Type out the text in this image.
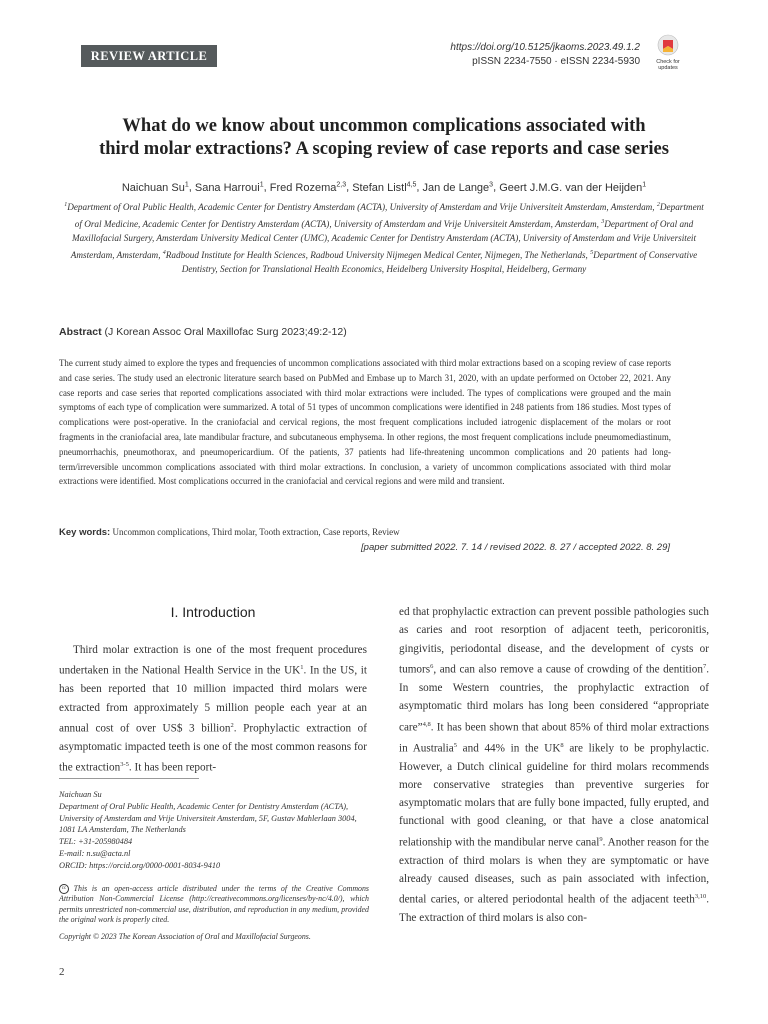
REVIEW ARTICLE
https://doi.org/10.5125/jkaoms.2023.49.1.2
pISSN 2234-7550 · eISSN 2234-5930	Check for
updates
What do we know about uncommon complications associated with
third molar extractions? A scoping review of case reports and case series
Naichuan Su$^1$, Sana Harroui$^1$, Fred Rozema$^{2,3}$, Stefan Listl$^{4,5}$, Jan de Lange$^3$, Geert J.M.G. van der Heijden$^1$
$^1$Department of Oral Public Health, Academic Center for Dentistry Amsterdam (ACTA), University of Amsterdam and Vrije Universiteit Amsterdam, Amsterdam, $^2$Department of Oral Medicine, Academic Center for Dentistry Amsterdam (ACTA), University of Amsterdam and Vrije Universiteit Amsterdam, Amsterdam, $^3$Department of Oral and Maxillofacial Surgery, Amsterdam University Medical Center (UMC), Academic Center for Dentistry Amsterdam (ACTA), University of Amsterdam and Vrije Universiteit Amsterdam, Amsterdam, $^4$Radboud Institute for Health Sciences, Radboud University Nijmegen Medical Center, Nijmegen, The Netherlands, $^5$Department of Conservative Dentistry, Section for Translational Health Economics, Heidelberg University Hospital, Heidelberg, Germany
Abstract (J Korean Assoc Oral Maxillofac Surg 2023;49:2-12)
The current study aimed to explore the types and frequencies of uncommon complications associated with third molar extractions based on a scoping review of case reports and case series. The study used an electronic literature search based on PubMed and Embase up to March 31, 2020, with an update performed on October 22, 2021. Any case reports and case series that reported complications associated with third molar extractions were included. The types of complications were grouped and the main symptoms of each type of complication were summarized. A total of 51 types of uncommon complications were identified in 248 patients from 186 studies. Most types of complications were post-operative. In the craniofacial and cervical regions, the most frequent complications included iatrogenic displacement of the molars or root fragments in the craniofacial area, late mandibular fracture, and subcutaneous emphysema. In other regions, the most frequent complications include pneumomediastinum, pneumorrhachis, pneumothorax, and pneumopericardium. Of the patients, 37 patients had life-threatening uncommon complications and 20 patients had long-term/irreversible uncommon complications associated with third molar extractions. In conclusion, a variety of uncommon complications associated with third molar extractions were identified. Most complications occurred in the craniofacial and cervical regions and were mild and transient.
Key words: Uncommon complications, Third molar, Tooth extraction, Case reports, Review
[paper submitted 2022. 7. 14 / revised 2022. 8. 27 / accepted 2022. 8. 29]
I. Introduction
Third molar extraction is one of the most frequent procedures undertaken in the National Health Service in the $UK^1$. In the US, it has been reported that 10 million impacted third molars were extracted from approximately 5 million people each year at an annual cost of over US$ 3 billion$^2$. Prophylactic extraction of asymptomatic impacted teeth is one of the most common reasons for the extraction$^{3-5}$. It has been report-
ed that prophylactic extraction can prevent possible pathologies such as caries and root resorption of adjacent teeth, pericoronitis, gingivitis, periodontal disease, and the development of cysts or tumors$^6$, and can also remove a cause of crowding of the dentition$^7$. In some Western countries, the prophylactic extraction of asymptomatic third molars has long been considered “appropriate care”$^{4,8}$. It has been shown that about 85% of third molar extractions in Australia$^5$ and 44% in the $UK^8$ are likely to be prophylactic. However, a Dutch clinical guideline for third molars recommends more conservative strategies than preventive surgeries for asymptomatic molars that are fully bone impacted, fully erupted, and functional with good cleaning, or that have a close anatomical relationship with the mandibular nerve canal$^9$. Another reason for the extraction of third molars is when they are symptomatic or have already caused diseases, such as pain associated with infection, dental caries, or altered periodontal health of the adjacent teeth$^{3,10}$. The extraction of third molars is also con-
Naichuan Su
Department of Oral Public Health, Academic Center for Dentistry Amsterdam (ACTA), University of Amsterdam and Vrije Universiteit Amsterdam, 5F, Gustav Mahlerlaan 3004, 1081 LA Amsterdam, The Netherlands
TEL: +31-205980484
E-mail: n.su@acta.nl
ORCID: https://orcid.org/0000-0001-8034-9410
cc This is an open-access article distributed under the terms of the Creative Commons Attribution Non-Commercial License (http://creativecommons.org/licenses/by-nc/4.0/), which permits unrestricted non-commercial use, distribution, and reproduction in any medium, provided the original work is properly cited.
Copyright © 2023 The Korean Association of Oral and Maxillofacial Surgeons.
2
